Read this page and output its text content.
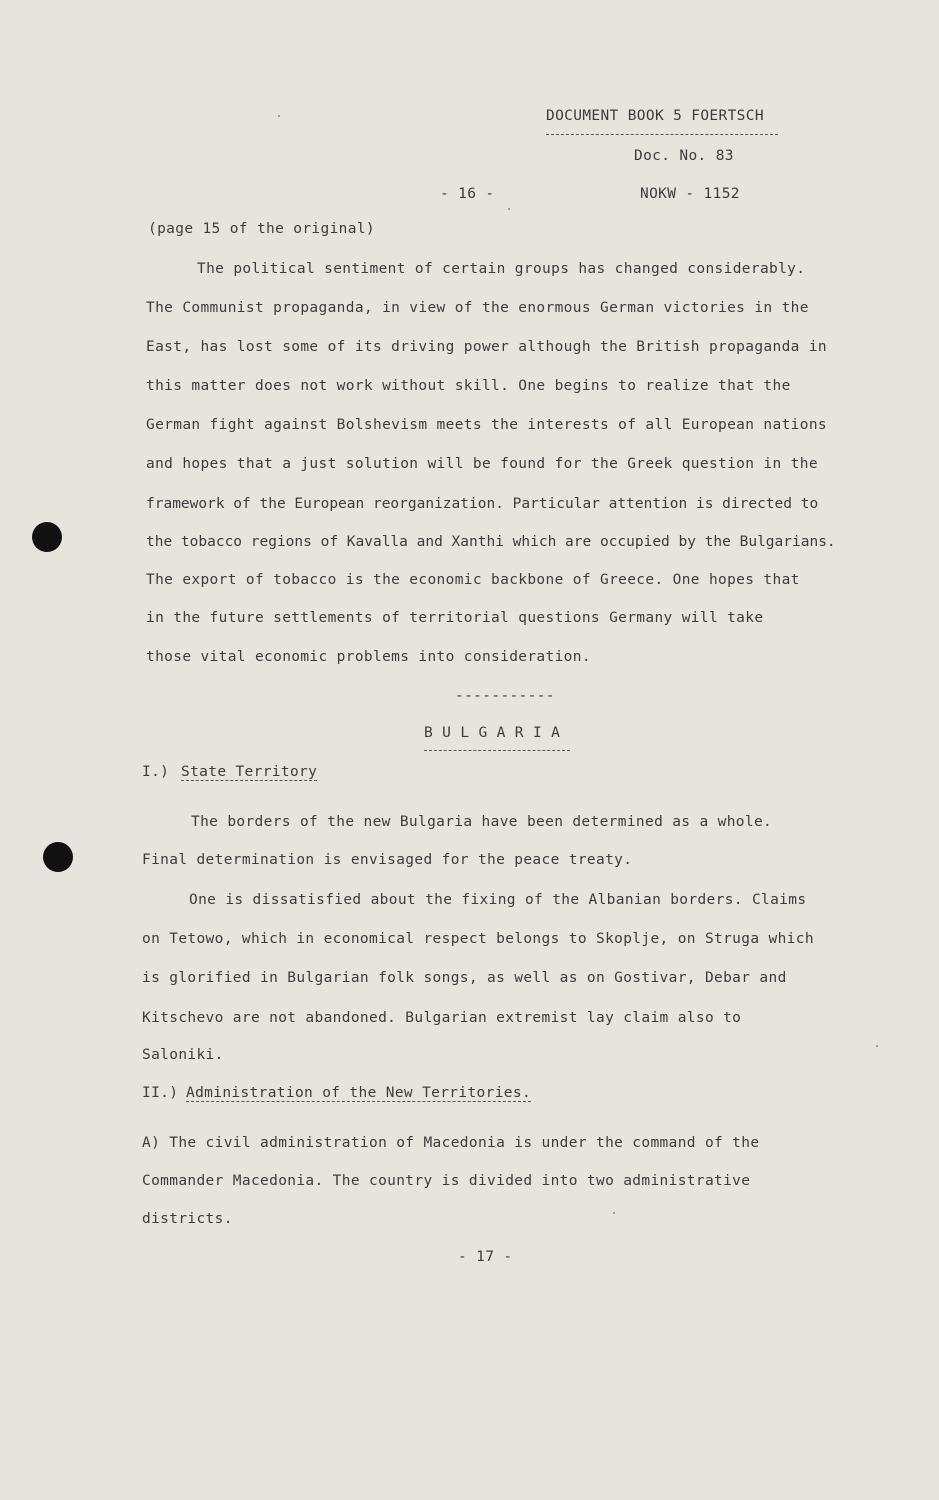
DOCUMENT BOOK 5 FOERTSCH
Doc. No. 83
- 16 -	NOKW - 1152
(page 15 of the original)
The political sentiment of certain groups has changed considerably.
The Communist propaganda, in view of the enormous German victories in the
East, has lost some of its driving power although the British propaganda in
this matter does not work without skill. One begins to realize that the
German fight against Bolshevism meets the interests of all European nations
and hopes that a just solution will be found for the Greek question in the
framework of the European reorganization. Particular attention is directed to
the tobacco regions of Kavalla and Xanthi which are occupied by the Bulgarians.
The export of tobacco is the economic backbone of Greece. One hopes that
in the future settlements of territorial questions Germany will take
those vital economic problems into consideration.
-----------
B U L G A R I A
I.) State Territory
The borders of the new Bulgaria have been determined as a whole.
Final determination is envisaged for the peace treaty.
One is dissatisfied about the fixing of the Albanian borders. Claims
on Tetowo, which in economical respect belongs to Skoplje, on Struga which
is glorified in Bulgarian folk songs, as well as on Gostivar, Debar and
Kitschevo are not abandoned. Bulgarian extremist lay claim also to
Saloniki.
II.) Administration of the New Territories.
A) The civil administration of Macedonia is under the command of the
Commander Macedonia. The country is divided into two administrative
districts.
- 17 -
